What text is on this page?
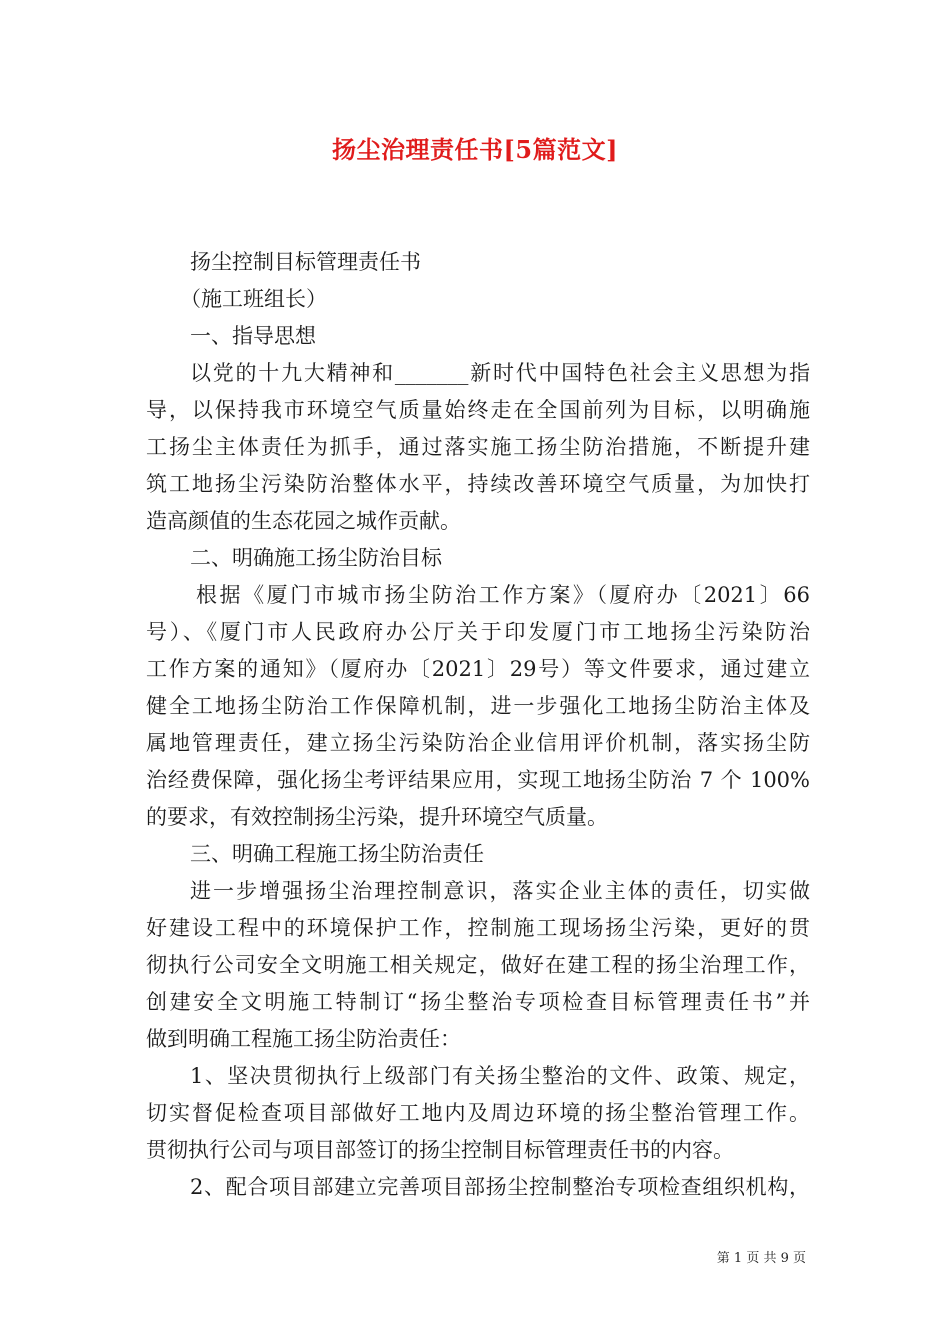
扬尘治理责任书[5篇范文]
扬尘控制目标管理责任书
（施工班组长）
一、指导思想
以党的十九大精神和_______新时代中国特色社会主义思想为指
导，以保持我市环境空气质量始终走在全国前列为目标，以明确施
工扬尘主体责任为抓手，通过落实施工扬尘防治措施，不断提升建
筑工地扬尘污染防治整体水平，持续改善环境空气质量，为加快打
造高颜值的生态花园之城作贡献。
二、明确施工扬尘防治目标
根据《厦门市城市扬尘防治工作方案》（厦府办〔2021〕66
号）、《厦门市人民政府办公厅关于印发厦门市工地扬尘污染防治
工作方案的通知》（厦府办〔2021〕29号）等文件要求，通过建立
健全工地扬尘防治工作保障机制，进一步强化工地扬尘防治主体及
属地管理责任，建立扬尘污染防治企业信用评价机制，落实扬尘防
治经费保障，强化扬尘考评结果应用，实现工地扬尘防治 7 个 100%
的要求，有效控制扬尘污染，提升环境空气质量。
三、明确工程施工扬尘防治责任
进一步增强扬尘治理控制意识，落实企业主体的责任，切实做
好建设工程中的环境保护工作，控制施工现场扬尘污染，更好的贯
彻执行公司安全文明施工相关规定，做好在建工程的扬尘治理工作，
创建安全文明施工特制订“扬尘整治专项检查目标管理责任书”并
做到明确工程施工扬尘防治责任：
1、坚决贯彻执行上级部门有关扬尘整治的文件、政策、规定，
切实督促检查项目部做好工地内及周边环境的扬尘整治管理工作。
贯彻执行公司与项目部签订的扬尘控制目标管理责任书的内容。
2、配合项目部建立完善项目部扬尘控制整治专项检查组织机构，
第 1 页 共 9 页
